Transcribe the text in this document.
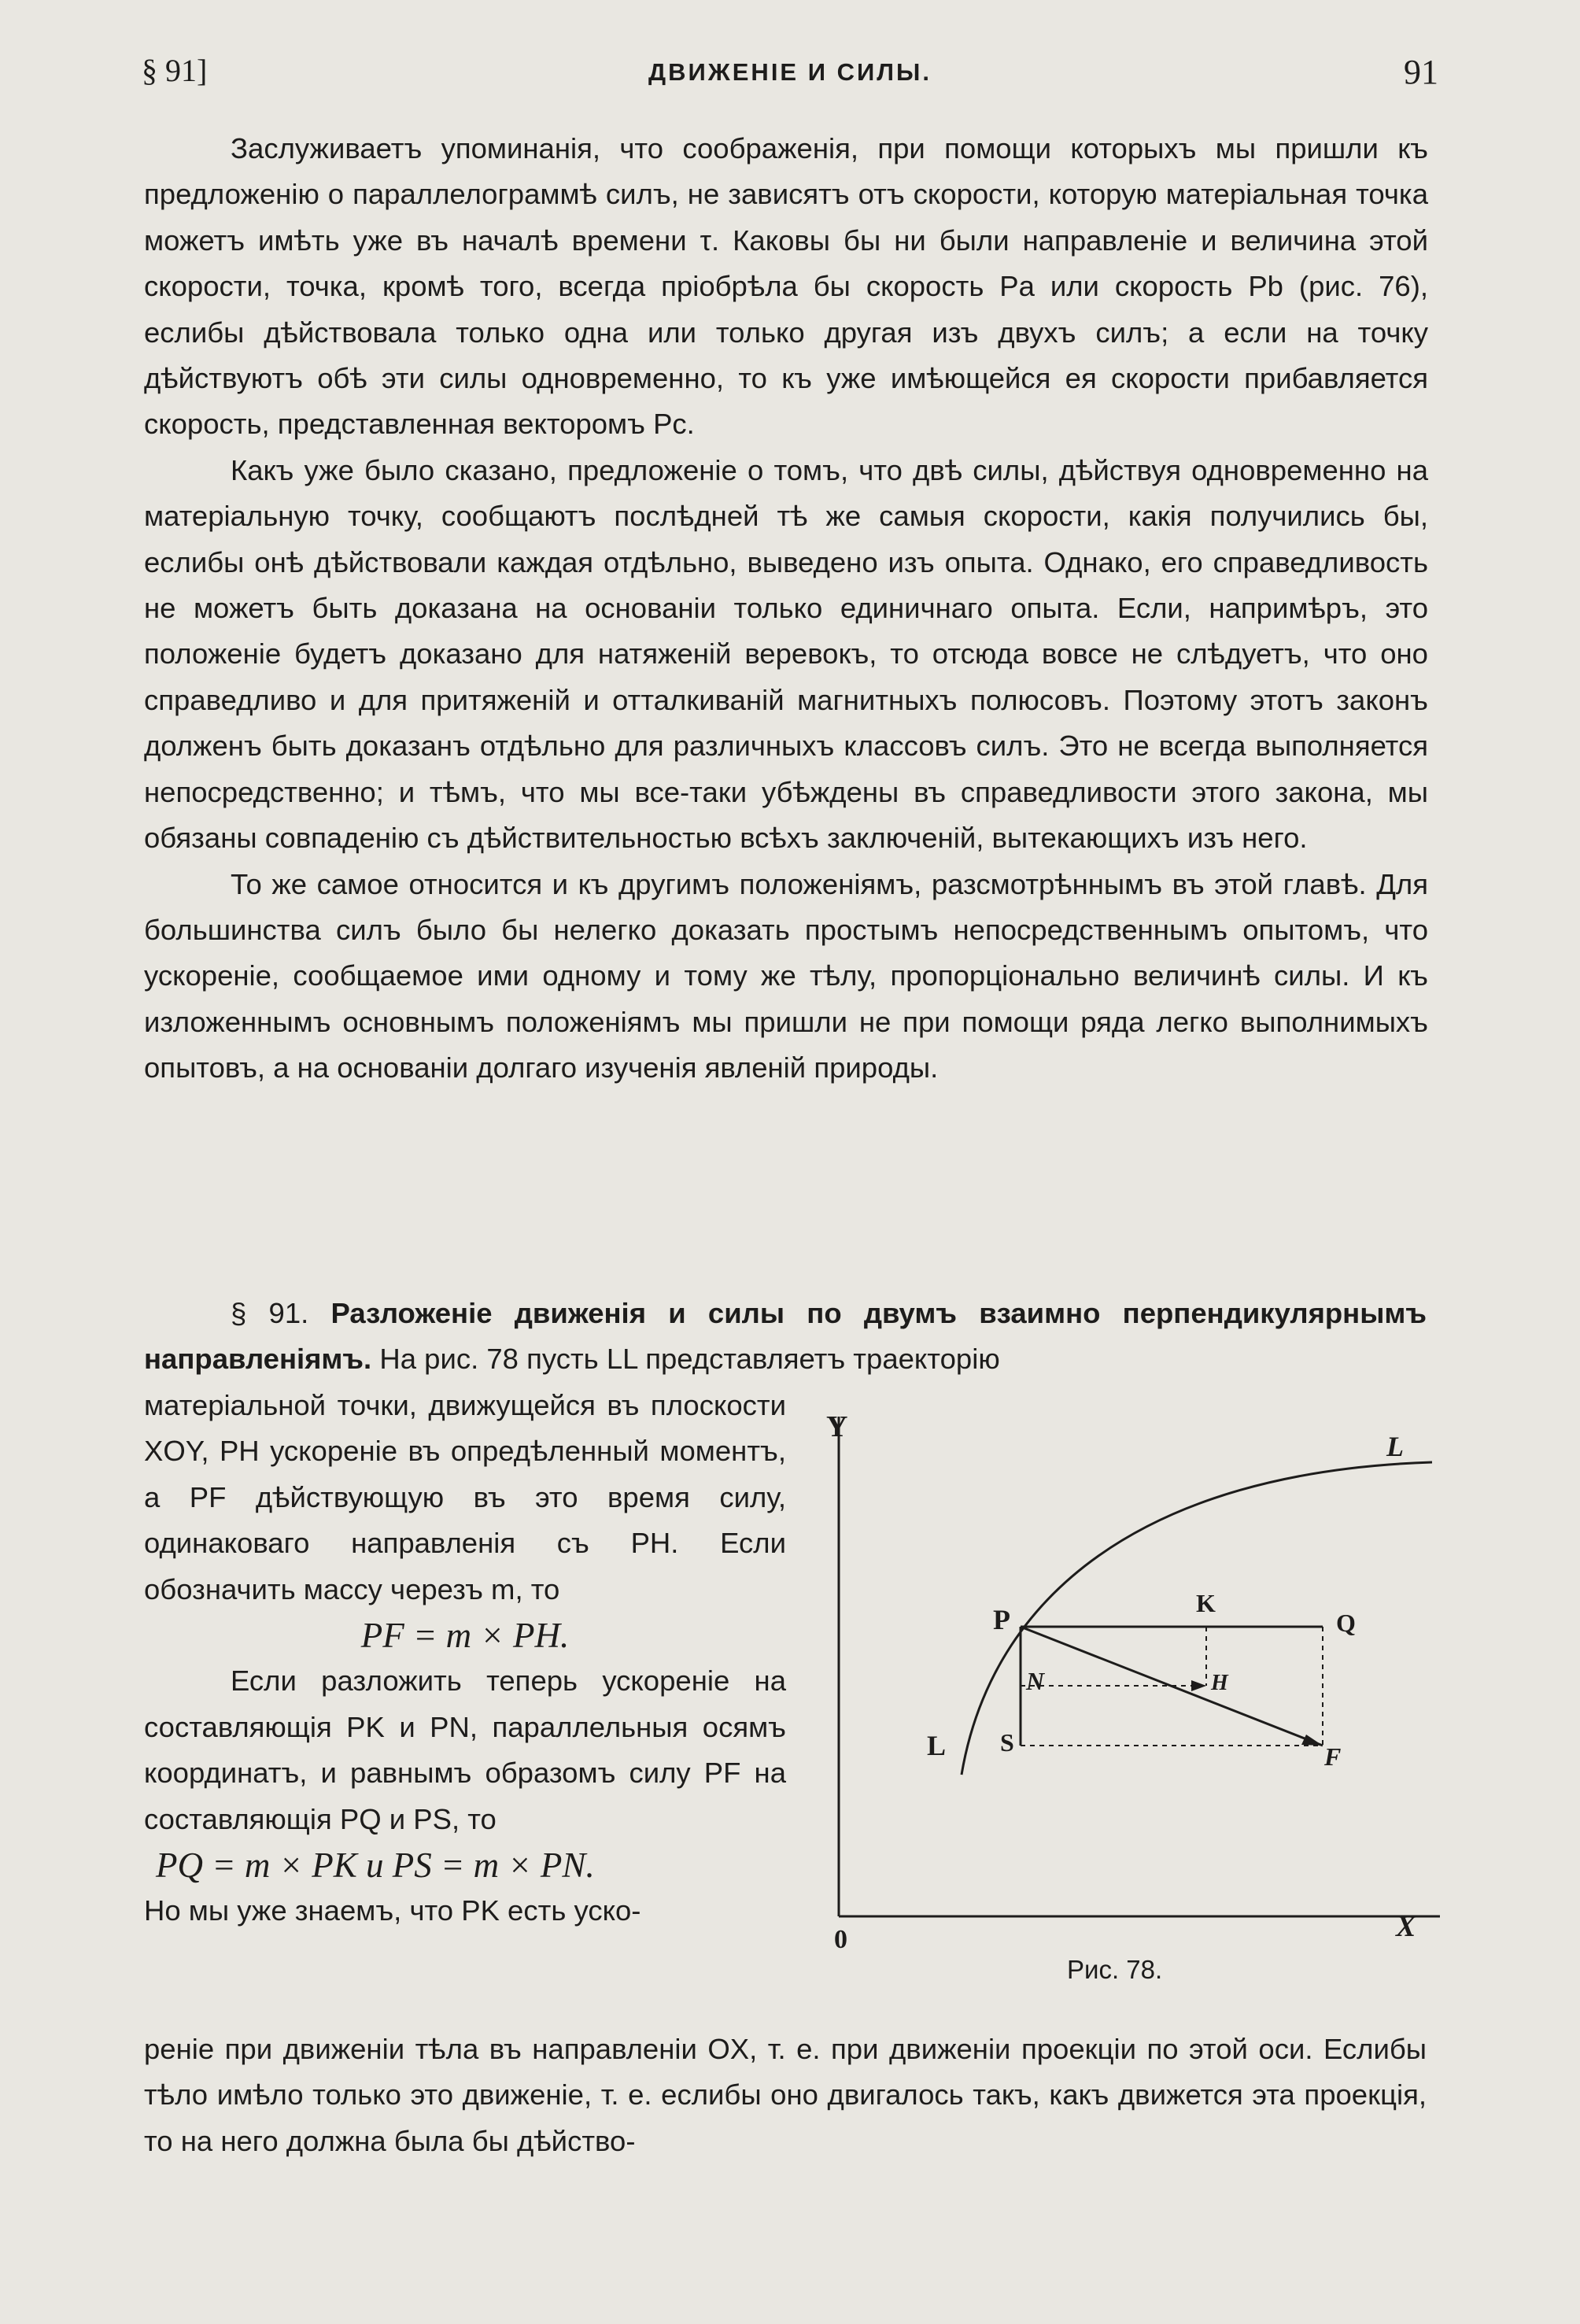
§ 91]	ДВИЖЕНІЕ И СИЛЫ.	91

Заслуживаетъ упоминанія, что соображенія, при помощи которыхъ мы пришли къ предложенію о параллелограммѣ силъ, не зависятъ отъ скорости, которую матеріальная точка можетъ имѣть уже въ началѣ времени τ. Каковы бы ни были направленіе и величина этой скорости, точка, кромѣ того, всегда пріобрѣла бы скорость Pa или скорость Pb (рис. 76), еслибы дѣйствовала только одна или только другая изъ двухъ силъ; а если на точку дѣйствуютъ обѣ эти силы одновременно, то къ уже имѣющейся ея скорости прибавляется скорость, представленная векторомъ Pc.

Какъ уже было сказано, предложеніе о томъ, что двѣ силы, дѣйствуя одновременно на матеріальную точку, сообщаютъ послѣдней тѣ же самыя скорости, какія получились бы, еслибы онѣ дѣйствовали каждая отдѣльно, выведено изъ опыта. Однако, его справедливость не можетъ быть доказана на основаніи только единичнаго опыта. Если, напримѣръ, это положеніе будетъ доказано для натяженій веревокъ, то отсюда вовсе не слѣдуетъ, что оно справедливо и для притяженій и отталкиваній магнитныхъ полюсовъ. Поэтому этотъ законъ долженъ быть доказанъ отдѣльно для различныхъ классовъ силъ. Это не всегда выполняется непосредственно; и тѣмъ, что мы все-таки убѣждены въ справедливости этого закона, мы обязаны совпаденію съ дѣйствительностью всѣхъ заключеній, вытекающихъ изъ него.

То же самое относится и къ другимъ положеніямъ, разсмотрѣннымъ въ этой главѣ. Для большинства силъ было бы нелегко доказать простымъ непосредственнымъ опытомъ, что ускореніе, сообщаемое ими одному и тому же тѣлу, пропорціонально величинѣ силы. И къ изложеннымъ основнымъ положеніямъ мы пришли не при помощи ряда легко выполнимыхъ опытовъ, а на основаніи долгаго изученія явленій природы.

§ 91. Разложеніе движенія и силы по двумъ взаимно перпендикулярнымъ направленіямъ. На рис. 78 пусть LL представляетъ траекторію

матеріальной точки, движущейся въ плоскости XOY, PH ускореніе въ опредѣленный моментъ, а PF дѣйствующую въ это время силу, одинаковаго направленія съ PH. Если обозначить массу черезъ m, то

PF = m × PH.

Если разложить теперь ускореніе на составляющія PK и PN, параллельныя осямъ координатъ, и равнымъ образомъ силу PF на составляющія PQ и PS, то

PQ = m × PK и PS = m × PN.

Но мы уже знаемъ, что PK есть уско-

реніе при движеніи тѣла въ направленіи OX, т. е. при движеніи проекціи по этой оси. Еслибы тѣло имѣло только это движеніе, т. е. еслибы оно двигалось такъ, какъ движется эта проекція, то на него должна была бы дѣйство-

Y
L
P
K
Q
N	H
L S	F
0	X
Рис. 78.
